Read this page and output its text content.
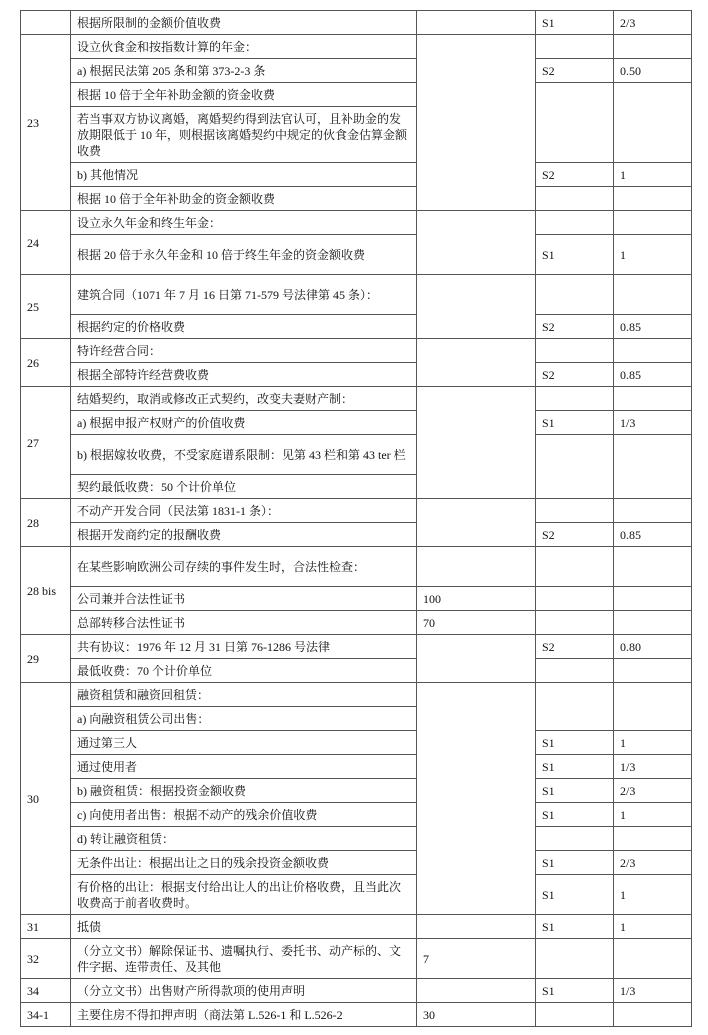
	根据所限制的金额价值收费		S1	2/3
23	设立伙食金和按指数计算的年金：			
	a) 根据民法第 205 条和第 373-2-3 条		S2	0.50
	根据 10 倍于全年补助金额的资金收费			
	若当事双方协议离婚，离婚契约得到法官认可，且补助金的发放期限低于 10 年，则根据该离婚契约中规定的伙食金估算金额收费			
	b) 其他情况		S2	1
	根据 10 倍于全年补助金的资金额收费			
24	设立永久年金和终生年金：			
	根据 20 倍于永久年金和 10 倍于终生年金的资金额收费		S1	1
25	建筑合同（1071 年 7 月 16 日第 71-579 号法律第 45 条）：			
	根据约定的价格收费		S2	0.85
26	特许经营合同：			
	根据全部特许经营费收费		S2	0.85
27	结婚契约，取消或修改正式契约，改变夫妻财产制：			
	a) 根据申报产权财产的价值收费		S1	1/3
	b) 根据嫁妆收费，不受家庭谱系限制：见第 43 栏和第 43 ter 栏			
	契约最低收费：50 个计价单位			
28	不动产开发合同（民法第 1831-1 条）：			
	根据开发商约定的报酬收费		S2	0.85
28 bis	在某些影响欧洲公司存续的事件发生时，合法性检查：			
	公司兼并合法性证书	100		
	总部转移合法性证书	70		
29	共有协议：1976 年 12 月 31 日第 76-1286 号法律		S2	0.80
	最低收费：70 个计价单位			
30	融资租赁和融资回租赁：			
	a) 向融资租赁公司出售：			
	通过第三人		S1	1
	通过使用者		S1	1/3
	b) 融资租赁：根据投资金额收费		S1	2/3
	c) 向使用者出售：根据不动产的残余价值收费		S1	1
	d) 转让融资租赁：			
	无条件出让：根据出让之日的残余投资金额收费		S1	2/3
	有价格的出让：根据支付给出让人的出让价格收费，且当此次收费高于前者收费时。		S1	1
31	抵债		S1	1
32	（分立文书）解除保证书、遗嘱执行、委托书、动产标的、文件字据、连带责任、及其他	7		
34	（分立文书）出售财产所得款项的使用声明		S1	1/3
34-1	主要住房不得扣押声明（商法第 L.526-1 和 L.526-2	30		
